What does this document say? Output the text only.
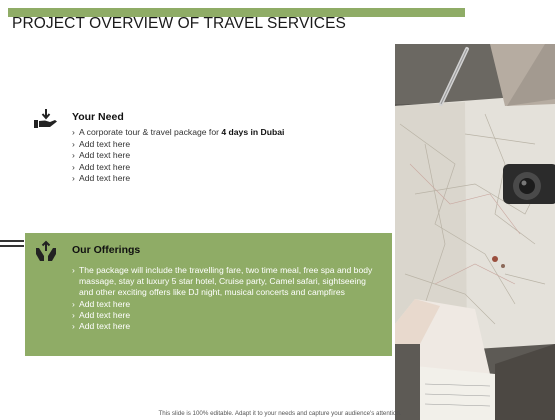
PROJECT OVERVIEW OF TRAVEL SERVICES
Your Need
› A corporate tour & travel package for 4 days in Dubai
› Add text here
› Add text here
› Add text here
› Add text here
Our Offerings
› The package will include the travelling fare, two time meal, free spa and body massage, stay at luxury 5 star hotel, Cruise party, Camel safari, sightseeing and other exciting offers like DJ night, musical concerts and campfires
› Add text here
› Add text here
› Add text here
This slide is 100% editable. Adapt it to your needs and capture your audience's attention.
